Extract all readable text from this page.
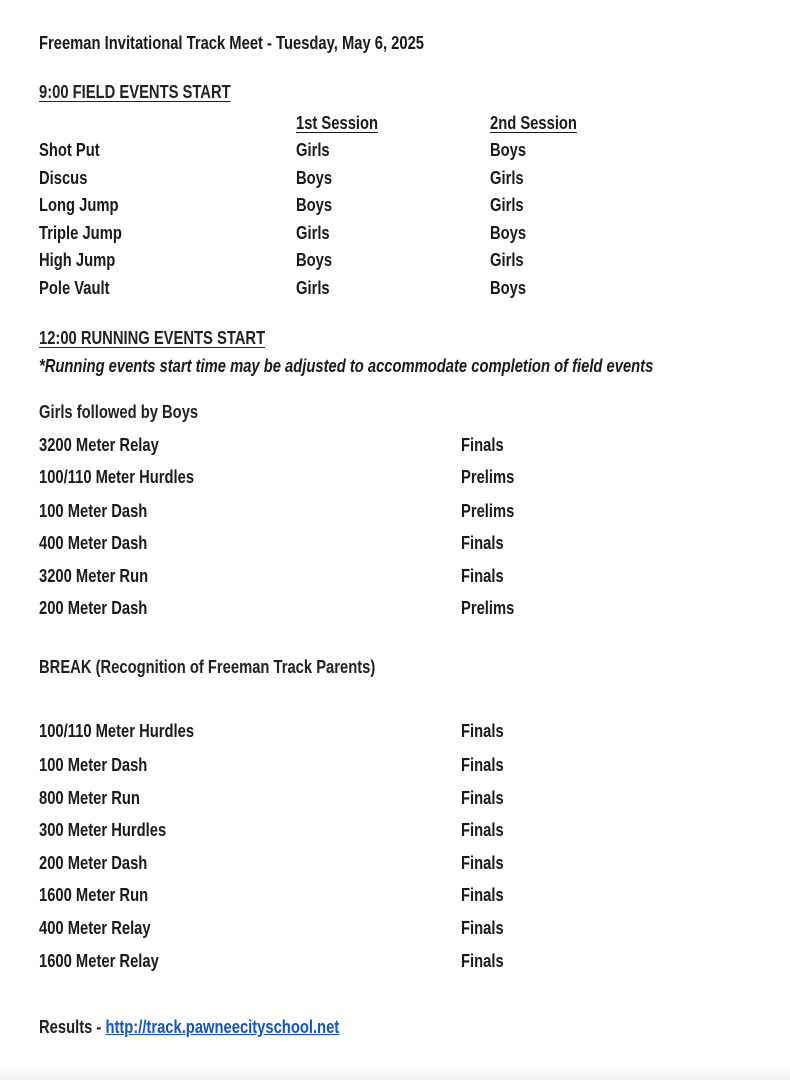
Freeman Invitational Track Meet - Tuesday, May 6, 2025
9:00 FIELD EVENTS START
1st Session	2nd Session
Shot Put	Girls	Boys
Discus	Boys	Girls
Long Jump	Boys	Girls
Triple Jump	Girls	Boys
High Jump	Boys	Girls
Pole Vault	Girls	Boys
12:00 RUNNING EVENTS START
*Running events start time may be adjusted to accommodate completion of field events
Girls followed by Boys
3200 Meter Relay	Finals
100/110 Meter Hurdles	Prelims
100 Meter Dash	Prelims
400 Meter Dash	Finals
3200 Meter Run	Finals
200 Meter Dash	Prelims
BREAK (Recognition of Freeman Track Parents)
100/110 Meter Hurdles	Finals
100 Meter Dash	Finals
800 Meter Run	Finals
300 Meter Hurdles	Finals
200 Meter Dash	Finals
1600 Meter Run	Finals
400 Meter Relay	Finals
1600 Meter Relay	Finals
Results - http://track.pawneecityschool.net
